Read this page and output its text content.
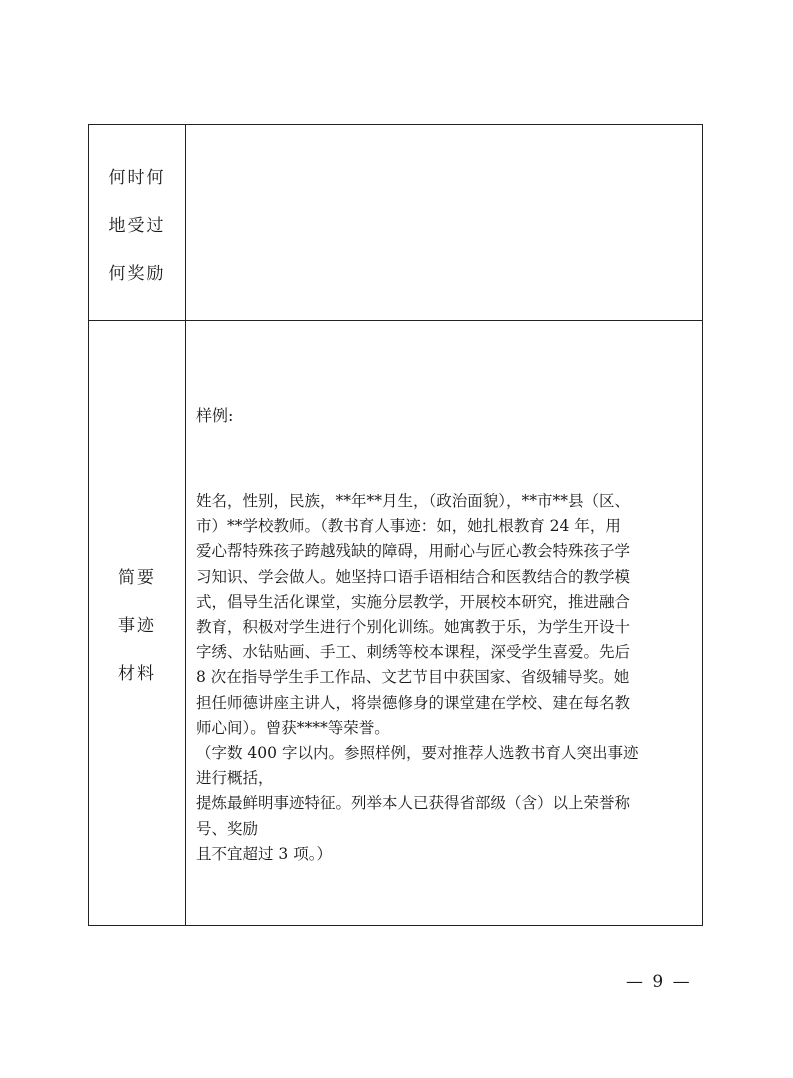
何时何
地受过
何奖励
简要
事迹
材料
样例:
姓名，性别，民族，**年**月生，（政治面貌），**市**县（区、
市）**学校教师。（教书育人事迹：如，她扎根教育 24 年，用
爱心帮特殊孩子跨越残缺的障碍，用耐心与匠心教会特殊孩子学
习知识、学会做人。她坚持口语手语相结合和医教结合的教学模
式，倡导生活化课堂，实施分层教学，开展校本研究，推进融合
教育，积极对学生进行个别化训练。她寓教于乐，为学生开设十
字绣、水钻贴画、手工、刺绣等校本课程，深受学生喜爱。先后
8 次在指导学生手工作品、文艺节目中获国家、省级辅导奖。她
担任师德讲座主讲人，将崇德修身的课堂建在学校、建在每名教
师心间）。曾获****等荣誉。
（字数 400 字以内。参照样例，要对推荐人选教书育人突出事迹
进行概括，
提炼最鲜明事迹特征。列举本人已获得省部级（含）以上荣誉称
号、奖励
且不宜超过 3 项。）
— 9 —
